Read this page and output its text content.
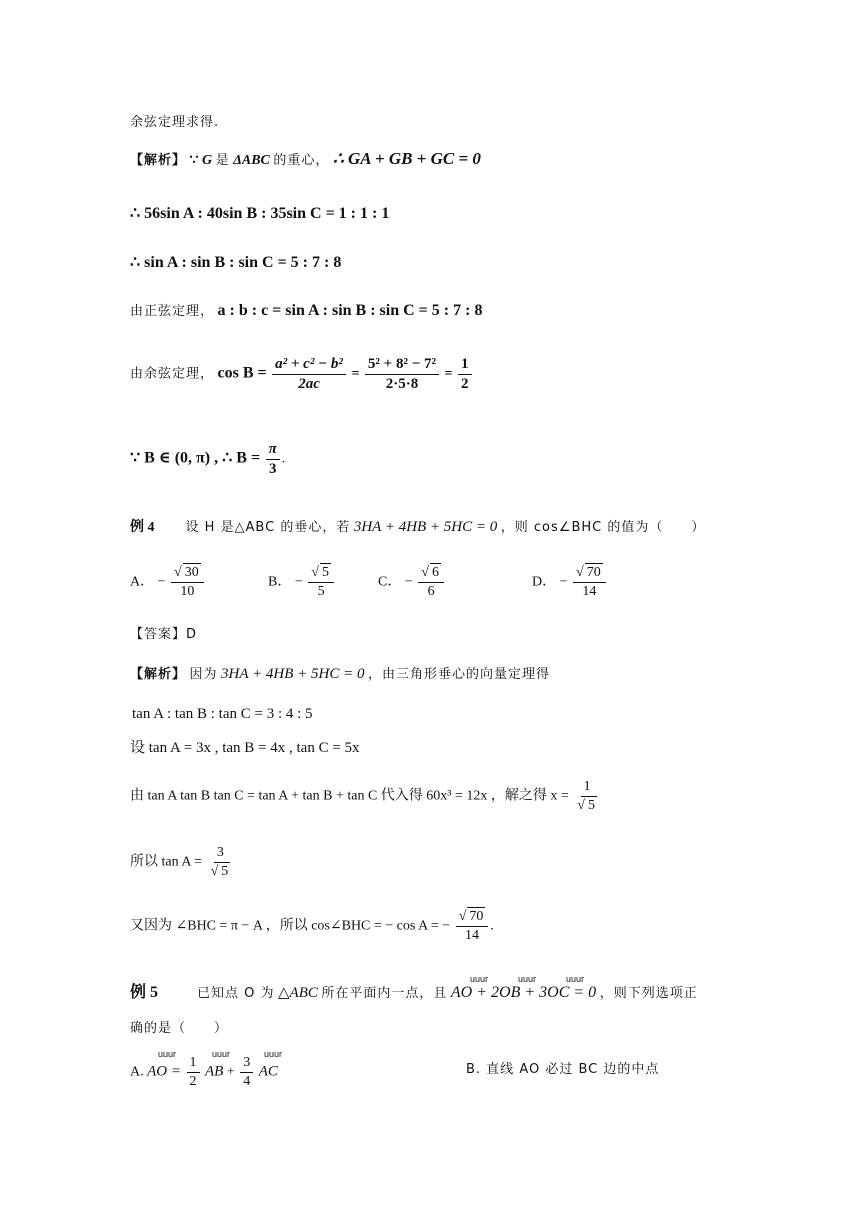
余弦定理求得.
【解析】 ∵ G 是 ΔABC 的重心， ∴ GA + GB + GC = 0
∴ 56sin A : 40sin B : 35sin C = 1 : 1 : 1
∴ sin A : sin B : sin C = 5 : 7 : 8
由正弦定理， a : b : c = sin A : sin B : sin C = 5 : 7 : 8
由余弦定理， $\cos B = \frac{\text{a² + c² − b²}}{2ac} = \frac{\text{5² + 8² − 7²}}{2\cdot 5\cdot 8} = \frac{1}{2}$
∵ B ∈ (0, π) , ∴ $B = \frac{\pi}{3}$ .
例 4 设 H 是△ABC 的垂心，若 3HA + 4HB + 5HC = 0 ，则 cos∠BHC 的值为（　　）
A． − $\frac{√ 30}{10}$	B． − $\frac{√ 5}{5}$	C． − $\frac{√ 6}{6}$	D． − $\frac{√ 70}{14}$
【答案】D
【解析】 因为 3HA + 4HB + 5HC = 0 ，由三角形垂心的向量定理得
tan A : tan B : tan C = 3 : 4 : 5
设 tan A = 3x , tan B = 4x , tan C = 5x
由 tan A tan B tan C = tan A + tan B + tan C 代入得 60x³ = 12x ，解之得 $x = \frac{1}{√ 5}$
所以 $\tan A = \frac{3}{√ 5}$
又因为 ∠BHC = π − A ，所以 cos∠BHC = − cos A = − $\frac{√ 70}{14}$ .
uuur	uuur	uuur
例 5	已知点 O 为 △ABC 所在平面内一点，且 AO + 2OB + 3OC = 0 ，则下列选项正
确的是（　　）
uuur	uuur	uuur
A. AO = $\frac{1}{2}$ AB + $\frac{3}{4}$ AC	B. 直线 AO 必过 BC 边的中点
